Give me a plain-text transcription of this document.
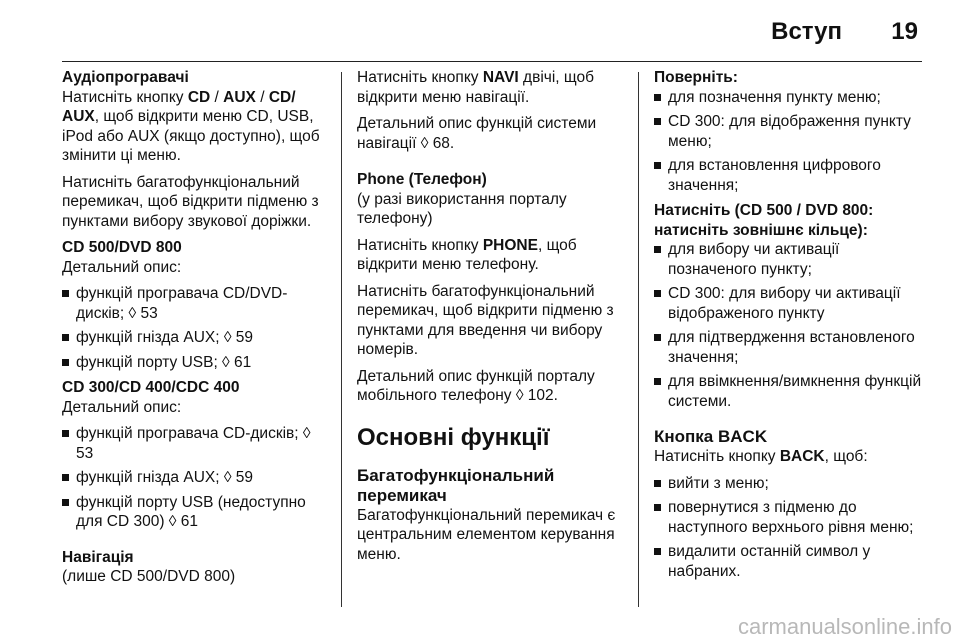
Вступ 19
Аудіопрогравачі

Натисніть кнопку CD / AUX / CD/ AUX, щоб відкрити меню CD, USB, iPod або AUX (якщо доступно), щоб змінити ці меню.

Натисніть багатофункціональний перемикач, щоб відкрити підменю з пунктами вибору звукової доріжки.

CD 500/DVD 800

Детальний опис:

функцій програвача CD/DVD-дисків; ◊ 53
функцій гнізда AUX; ◊ 59
функцій порту USB; ◊ 61
CD 300/CD 400/CDC 400

Детальний опис:

функцій програвача CD-дисків; ◊ 53
функцій гнізда AUX; ◊ 59
функцій порту USB (недоступно для CD 300) ◊ 61
Навігація

(лише CD 500/DVD 800)

Натисніть кнопку NAVI двічі, щоб відкрити меню навігації.

Детальний опис функцій системи навігації ◊ 68.

Phone (Телефон)

(у разі використання порталу телефону)

Натисніть кнопку PHONE, щоб відкрити меню телефону.

Натисніть багатофункціональний перемикач, щоб відкрити підменю з пунктами для введення чи вибору номерів.

Детальний опис функцій порталу мобільного телефону ◊ 102.

Основні функції
Багатофункціональний перемикач

Багатофункціональний перемикач є центральним елементом керування меню.

Поверніть:
для позначення пункту меню;
CD 300: для відображення пункту меню;
для встановлення цифрового значення;
Натисніть (CD 500 / DVD 800: натисніть зовнішнє кільце):
для вибору чи активації позначеного пункту;
CD 300: для вибору чи активації відображеного пункту
для підтвердження встановленого значення;
для ввімкнення/вимкнення функцій системи.
Кнопка BACK

Натисніть кнопку BACK, щоб:

вийти з меню;
повернутися з підменю до наступного верхнього рівня меню;
видалити останній символ у набраних.
carmanualsonline.info
